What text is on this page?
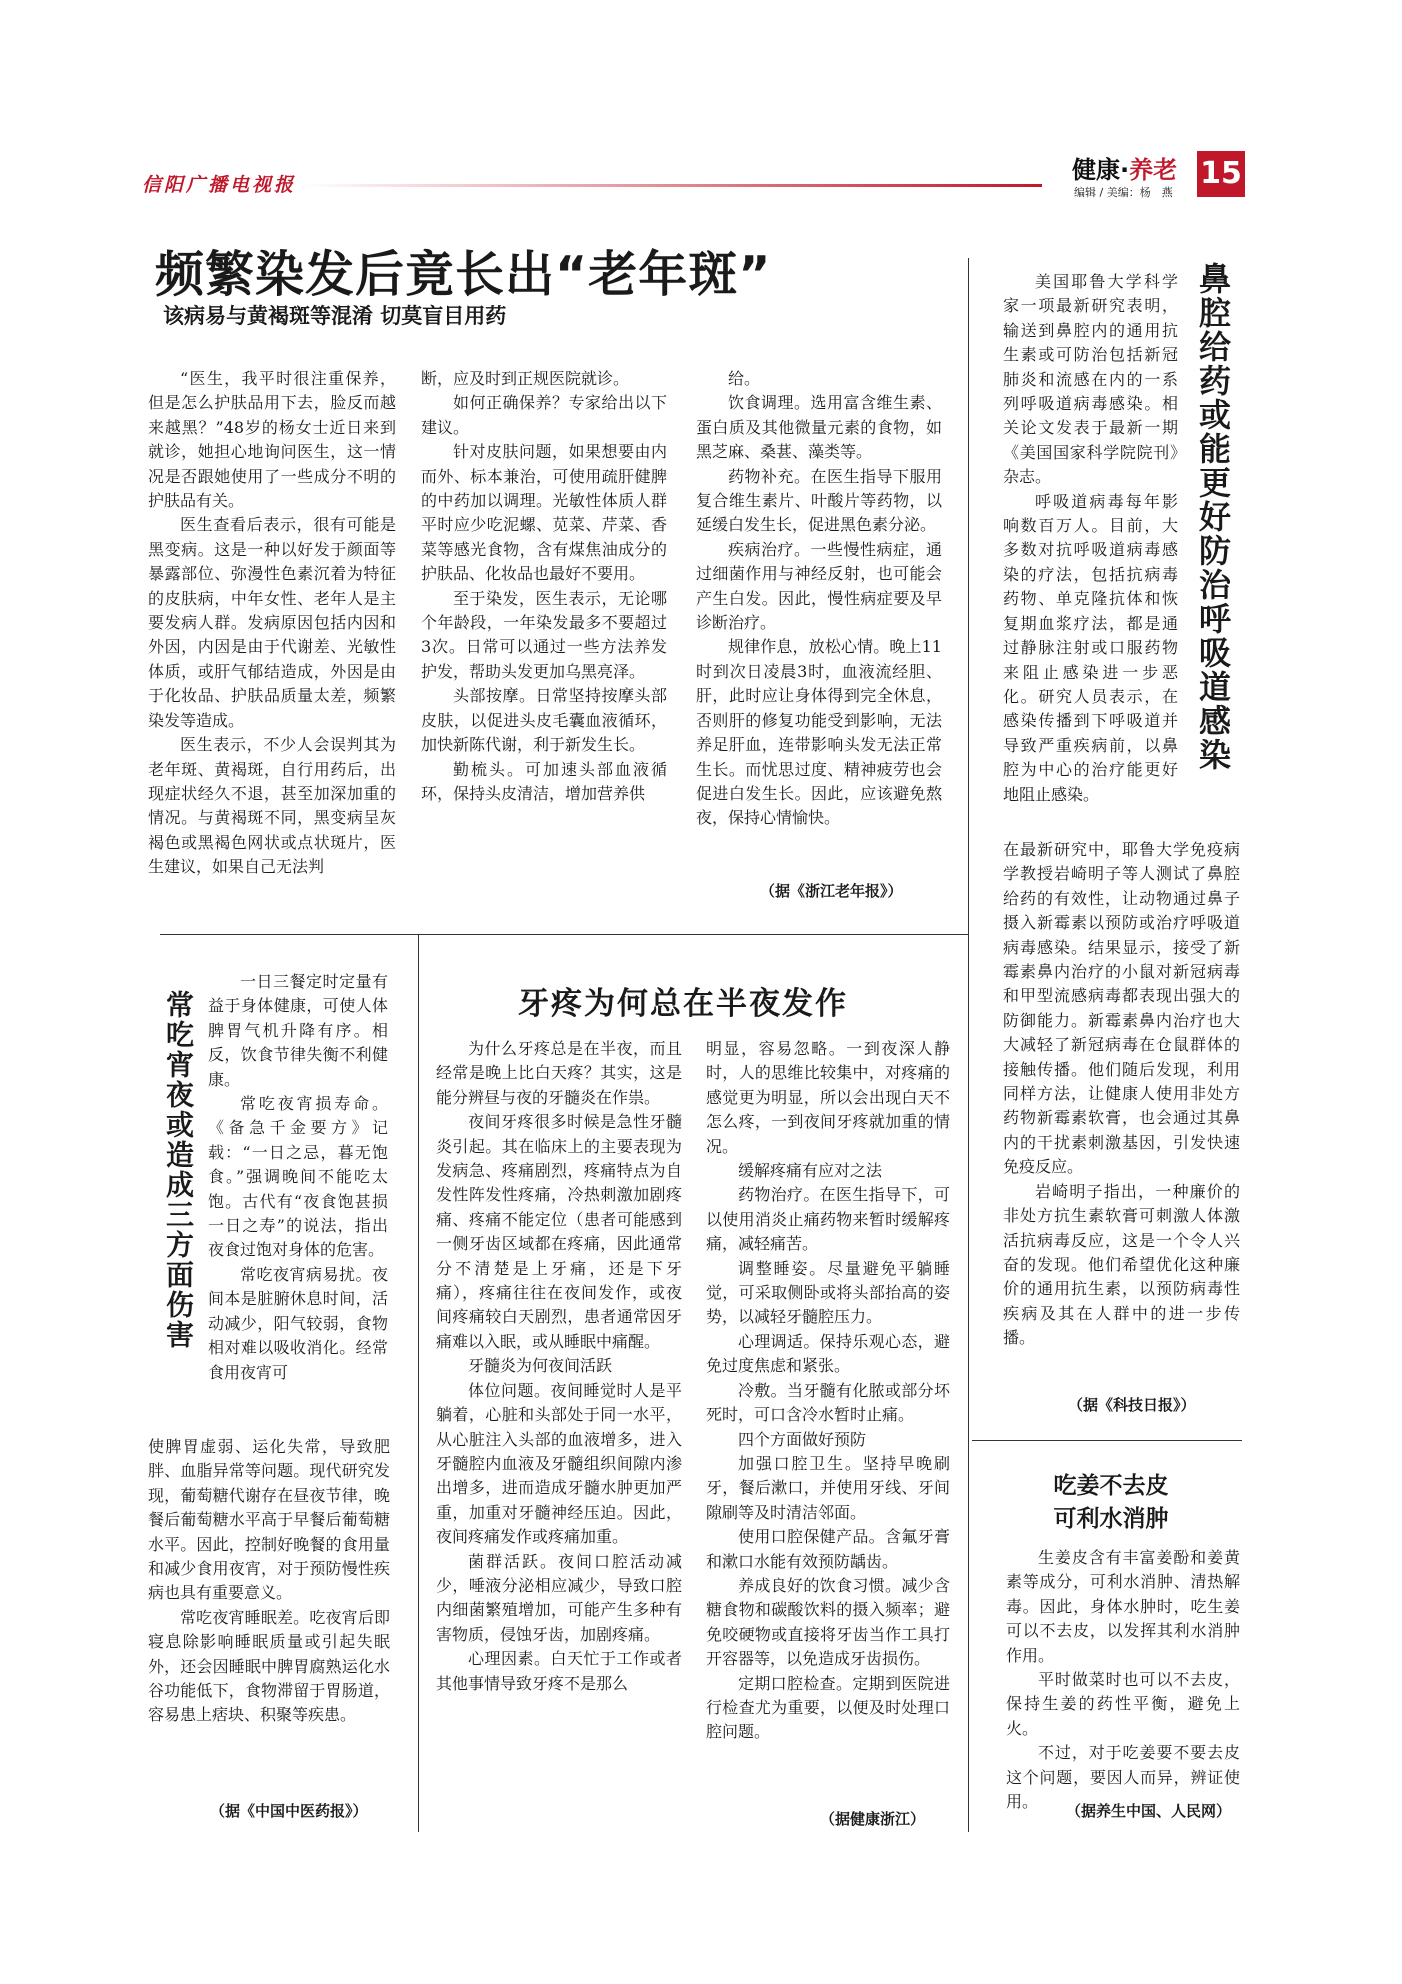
信阳广播电视报
健康·养老
编辑 / 美编：杨　燕
15
频繁染发后竟长出“老年斑”
该病易与黄褐斑等混淆 切莫盲目用药

“医生，我平时很注重保养，但是怎么护肤品用下去，脸反而越来越黑？”48岁的杨女士近日来到就诊，她担心地询问医生，这一情况是否跟她使用了一些成分不明的护肤品有关。

医生查看后表示，很有可能是黑变病。这是一种以好发于颜面等暴露部位、弥漫性色素沉着为特征的皮肤病，中年女性、老年人是主要发病人群。发病原因包括内因和外因，内因是由于代谢差、光敏性体质，或肝气郁结造成，外因是由于化妆品、护肤品质量太差，频繁染发等造成。

医生表示，不少人会误判其为老年斑、黄褐斑，自行用药后，出现症状经久不退，甚至加深加重的情况。与黄褐斑不同，黑变病呈灰褐色或黑褐色网状或点状斑片，医生建议，如果自己无法判

断，应及时到正规医院就诊。

如何正确保养？专家给出以下建议。

针对皮肤问题，如果想要由内而外、标本兼治，可使用疏肝健脾的中药加以调理。光敏性体质人群平时应少吃泥螺、苋菜、芹菜、香菜等感光食物，含有煤焦油成分的护肤品、化妆品也最好不要用。

至于染发，医生表示，无论哪个年龄段，一年染发最多不要超过3次。日常可以通过一些方法养发护发，帮助头发更加乌黑亮泽。

头部按摩。日常坚持按摩头部皮肤，以促进头皮毛囊血液循环，加快新陈代谢，利于新发生长。

勤梳头。可加速头部血液循环，保持头皮清洁，增加营养供

给。

饮食调理。选用富含维生素、蛋白质及其他微量元素的食物，如黑芝麻、桑葚、藻类等。

药物补充。在医生指导下服用复合维生素片、叶酸片等药物，以延缓白发生长，促进黑色素分泌。

疾病治疗。一些慢性病症，通过细菌作用与神经反射，也可能会产生白发。因此，慢性病症要及早诊断治疗。

规律作息，放松心情。晚上11时到次日凌晨3时，血液流经胆、肝，此时应让身体得到完全休息，否则肝的修复功能受到影响，无法养足肝血，连带影响头发无法正常生长。而忧思过度、精神疲劳也会促进白发生长。因此，应该避免熬夜，保持心情愉快。

（据《浙江老年报》）
鼻腔给药或能更好防治呼吸道感染

美国耶鲁大学科学家一项最新研究表明，输送到鼻腔内的通用抗生素或可防治包括新冠肺炎和流感在内的一系列呼吸道病毒感染。相关论文发表于最新一期《美国国家科学院院刊》杂志。

呼吸道病毒每年影响数百万人。目前，大多数对抗呼吸道病毒感染的疗法，包括抗病毒药物、单克隆抗体和恢复期血浆疗法，都是通过静脉注射或口服药物来阻止感染进一步恶化。研究人员表示，在感染传播到下呼吸道并导致严重疾病前，以鼻腔为中心的治疗能更好地阻止感染。

在最新研究中，耶鲁大学免疫病学教授岩崎明子等人测试了鼻腔给药的有效性，让动物通过鼻子摄入新霉素以预防或治疗呼吸道病毒感染。结果显示，接受了新霉素鼻内治疗的小鼠对新冠病毒和甲型流感病毒都表现出强大的防御能力。新霉素鼻内治疗也大大减轻了新冠病毒在仓鼠群体的接触传播。他们随后发现，利用同样方法，让健康人使用非处方药物新霉素软膏，也会通过其鼻内的干扰素刺激基因，引发快速免疫反应。

岩崎明子指出，一种廉价的非处方抗生素软膏可刺激人体激活抗病毒反应，这是一个令人兴奋的发现。他们希望优化这种廉价的通用抗生素，以预防病毒性疾病及其在人群中的进一步传播。

（据《科技日报》）
常吃宵夜或造成三方面伤害

一日三餐定时定量有益于身体健康，可使人体脾胃气机升降有序。相反，饮食节律失衡不利健康。

常吃夜宵损寿命。《备急千金要方》记载：“一日之忌，暮无饱食。”强调晚间不能吃太饱。古代有“夜食饱甚损一日之寿”的说法，指出夜食过饱对身体的危害。

常吃夜宵病易扰。夜间本是脏腑休息时间，活动减少，阳气较弱，食物相对难以吸收消化。经常食用夜宵可

使脾胃虚弱、运化失常，导致肥胖、血脂异常等问题。现代研究发现，葡萄糖代谢存在昼夜节律，晚餐后葡萄糖水平高于早餐后葡萄糖水平。因此，控制好晚餐的食用量和减少食用夜宵，对于预防慢性疾病也具有重要意义。

常吃夜宵睡眠差。吃夜宵后即寝息除影响睡眠质量或引起失眠外，还会因睡眠中脾胃腐熟运化水谷功能低下，食物滞留于胃肠道，容易患上痞块、积聚等疾患。

（据《中国中医药报》）
牙疼为何总在半夜发作

为什么牙疼总是在半夜，而且经常是晚上比白天疼？其实，这是能分辨昼与夜的牙髓炎在作祟。

夜间牙疼很多时候是急性牙髓炎引起。其在临床上的主要表现为发病急、疼痛剧烈，疼痛特点为自发性阵发性疼痛，冷热刺激加剧疼痛、疼痛不能定位（患者可能感到一侧牙齿区域都在疼痛，因此通常分不清楚是上牙痛，还是下牙痛），疼痛往往在夜间发作，或夜间疼痛较白天剧烈，患者通常因牙痛难以入眠，或从睡眠中痛醒。

牙髓炎为何夜间活跃

体位问题。夜间睡觉时人是平躺着，心脏和头部处于同一水平，从心脏注入头部的血液增多，进入牙髓腔内血液及牙髓组织间隙内渗出增多，进而造成牙髓水肿更加严重，加重对牙髓神经压迫。因此，夜间疼痛发作或疼痛加重。

菌群活跃。夜间口腔活动减少，唾液分泌相应减少，导致口腔内细菌繁殖增加，可能产生多种有害物质，侵蚀牙齿，加剧疼痛。

心理因素。白天忙于工作或者其他事情导致牙疼不是那么

明显，容易忽略。一到夜深人静时，人的思维比较集中，对疼痛的感觉更为明显，所以会出现白天不怎么疼，一到夜间牙疼就加重的情况。

缓解疼痛有应对之法

药物治疗。在医生指导下，可以使用消炎止痛药物来暂时缓解疼痛，减轻痛苦。

调整睡姿。尽量避免平躺睡觉，可采取侧卧或将头部抬高的姿势，以减轻牙髓腔压力。

心理调适。保持乐观心态，避免过度焦虑和紧张。

冷敷。当牙髓有化脓或部分坏死时，可口含冷水暂时止痛。

四个方面做好预防

加强口腔卫生。坚持早晚刷牙，餐后漱口，并使用牙线、牙间隙刷等及时清洁邻面。

使用口腔保健产品。含氟牙膏和漱口水能有效预防龋齿。

养成良好的饮食习惯。减少含糖食物和碳酸饮料的摄入频率；避免咬硬物或直接将牙齿当作工具打开容器等，以免造成牙齿损伤。

定期口腔检查。定期到医院进行检查尤为重要，以便及时处理口腔问题。

（据健康浙江）
吃姜不去皮
可利水消肿

生姜皮含有丰富姜酚和姜黄素等成分，可利水消肿、清热解毒。因此，身体水肿时，吃生姜可以不去皮，以发挥其利水消肿作用。

平时做菜时也可以不去皮，保持生姜的药性平衡，避免上火。

不过，对于吃姜要不要去皮这个问题，要因人而异，辨证使用。	（据养生中国、人民网）
